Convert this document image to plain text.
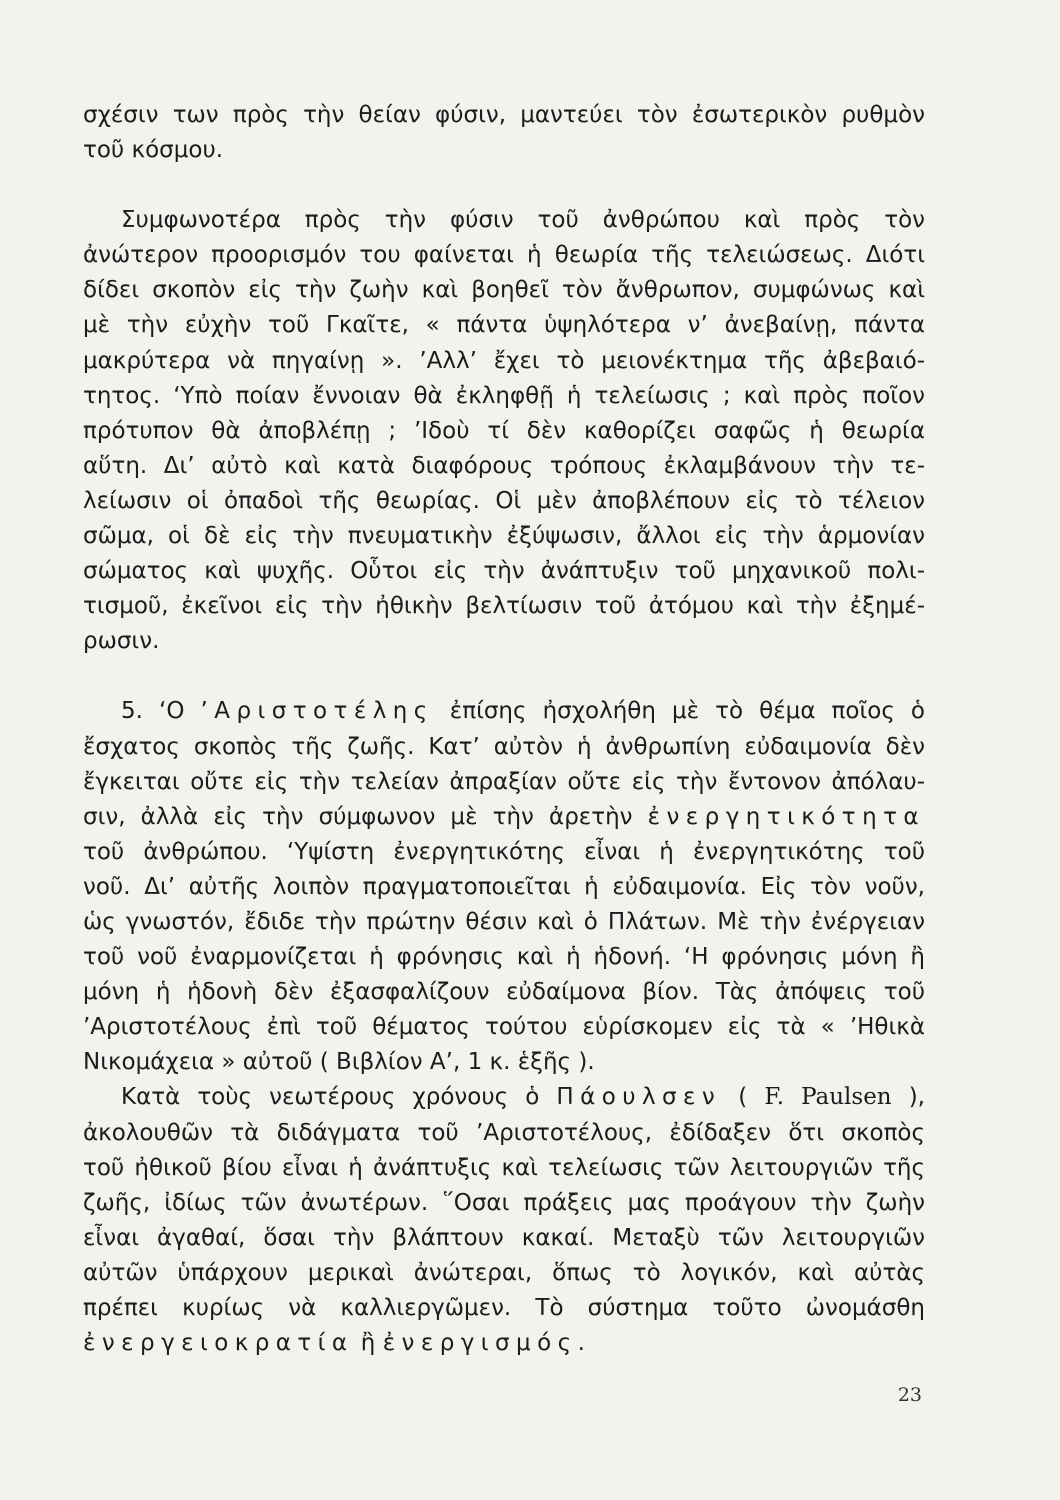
σχέσιν των πρὸς τὴν θείαν φύσιν, μαντεύει τὸν ἐσωτερικὸν ρυθμὸν
τοῦ κόσμου.

Συμφωνοτέρα πρὸς τὴν φύσιν τοῦ ἀνθρώπου καὶ πρὸς τὸν
ἀνώτερον προορισμόν του φαίνεται ἡ θεωρία τῆς τελειώσεως. Διότι
δίδει σκοπὸν εἰς τὴν ζωὴν καὶ βοηθεῖ τὸν ἄνθρωπον, συμφώνως καὶ
μὲ τὴν εὐχὴν τοῦ Γκαῖτε, « πάντα ὑψηλότερα ν’ ἀνεβαίνῃ, πάντα
μακρύτερα νὰ πηγαίνῃ ». ’Αλλ’ ἔχει τὸ μειονέκτημα τῆς ἀβεβαιό-
τητος. ‘Υπὸ ποίαν ἔννοιαν θὰ ἐκληφθῇ ἡ τελείωσις ; καὶ πρὸς ποῖον
πρότυπον θὰ ἀποβλέπῃ ; ’Ιδοὺ τί δὲν καθορίζει σαφῶς ἡ θεωρία
αὕτη. Δι’ αὐτὸ καὶ κατὰ διαφόρους τρόπους ἐκλαμβάνουν τὴν τε-
λείωσιν οἱ ὀπαδοὶ τῆς θεωρίας. Οἱ μὲν ἀποβλέπουν εἰς τὸ τέλειον
σῶμα, οἱ δὲ εἰς τὴν πνευματικὴν ἐξύψωσιν, ἄλλοι εἰς τὴν ἁρμονίαν
σώματος καὶ ψυχῆς. Οὗτοι εἰς τὴν ἀνάπτυξιν τοῦ μηχανικοῦ πολι-
τισμοῦ, ἐκεῖνοι εἰς τὴν ἠθικὴν βελτίωσιν τοῦ ἀτόμου καὶ τὴν ἐξημέ-
ρωσιν.

5. ‘Ο ’Αριστοτέλης ἐπίσης ἠσχολήθη μὲ τὸ θέμα ποῖος ὁ
ἔσχατος σκοπὸς τῆς ζωῆς. Κατ’ αὐτὸν ἡ ἀνθρωπίνη εὐδαιμονία δὲν
ἔγκειται οὔτε εἰς τὴν τελείαν ἀπραξίαν οὔτε εἰς τὴν ἔντονον ἀπόλαυ-
σιν, ἀλλὰ εἰς τὴν σύμφωνον μὲ τὴν ἀρετὴν ἐνεργητικότητα
τοῦ ἀνθρώπου. ‘Υψίστη ἐνεργητικότης εἶναι ἡ ἐνεργητικότης τοῦ
νοῦ. Δι’ αὐτῆς λοιπὸν πραγματοποιεῖται ἡ εὐδαιμονία. Εἰς τὸν νοῦν,
ὡς γνωστόν, ἔδιδε τὴν πρώτην θέσιν καὶ ὁ Πλάτων. Μὲ τὴν ἐνέργειαν
τοῦ νοῦ ἐναρμονίζεται ἡ φρόνησις καὶ ἡ ἡδονή. ‘Η φρόνησις μόνη ἢ
μόνη ἡ ἡδονὴ δὲν ἐξασφαλίζουν εὐδαίμονα βίον. Τὰς ἀπόψεις τοῦ
’Αριστοτέλους ἐπὶ τοῦ θέματος τούτου εὑρίσκομεν εἰς τὰ « ’Ηθικὰ
Νικομάχεια » αὐτοῦ ( Βιβλίον Α’, 1 κ. ἑξῆς ).

Κατὰ τοὺς νεωτέρους χρόνους ὁ Πάουλσεν ( F. Paulsen ),
ἀκολουθῶν τὰ διδάγματα τοῦ ’Αριστοτέλους, ἐδίδαξεν ὅτι σκοπὸς
τοῦ ἠθικοῦ βίου εἶναι ἡ ἀνάπτυξις καὶ τελείωσις τῶν λειτουργιῶν τῆς
ζωῆς, ἰδίως τῶν ἀνωτέρων. ῞Οσαι πράξεις μας προάγουν τὴν ζωὴν
εἶναι ἀγαθαί, ὅσαι τὴν βλάπτουν κακαί. Μεταξὺ τῶν λειτουργιῶν
αὐτῶν ὑπάρχουν μερικαὶ ἀνώτεραι, ὅπως τὸ λογικόν, καὶ αὐτὰς
πρέπει κυρίως νὰ καλλιεργῶμεν. Τὸ σύστημα τοῦτο ὠνομάσθη
ἐνεργειοκρατία ἢ ἐνεργισμός.

23
